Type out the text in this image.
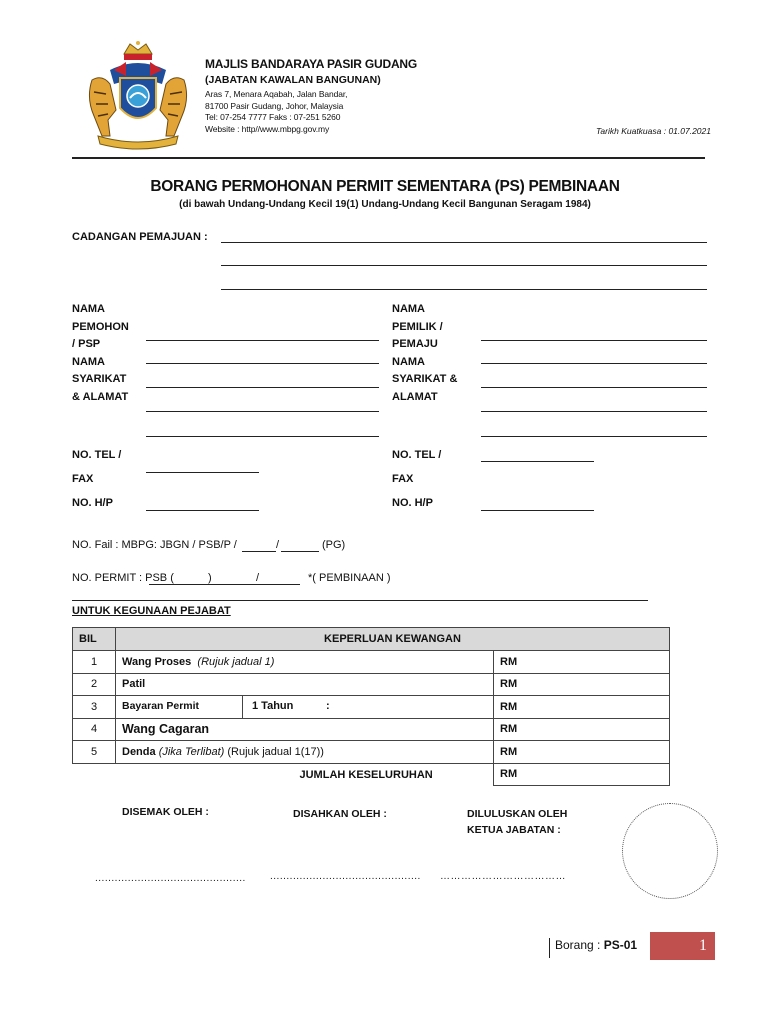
MAJLIS BANDARAYA PASIR GUDANG
(JABATAN KAWALAN BANGUNAN)
Aras 7, Menara Aqabah, Jalan Bandar,
81700 Pasir Gudang, Johor, Malaysia
Tel: 07-254 7777 Faks : 07-251 5260
Website : http//www.mbpg.gov.my	Tarikh Kuatkuasa : 01.07.2021
BORANG PERMOHONAN PERMIT SEMENTARA (PS) PEMBINAAN
(di bawah Undang-Undang Kecil 19(1) Undang-Undang Kecil Bangunan Seragam 1984)
CADANGAN PEMAJUAN :
NAMA
PEMOHON
/ PSP
NAMA
SYARIKAT
& ALAMAT
NAMA
PEMILIK /
PEMAJU
NAMA
SYARIKAT &
ALAMAT
NO. TEL /
FAX
NO. H/P
NO. TEL /
FAX
NO. H/P
NO. Fail : MBPG: JBGN / PSB/P /	/	(PG)
NO. PERMIT : PSB (	)	/	*( PEMBINAAN )
UNTUK KEGUNAAN PEJABAT
BIL	KEPERLUAN KEWANGAN	
1	Wang Proses (Rujuk jadual 1)	RM
2	Patil	RM
3	Bayaran Permit 1 Tahun :	RM
4	Wang Cagaran	RM
5	Denda (Jika Terlibat) (Rujuk jadual 1(17))	RM
	JUMLAH KESELURUHAN	RM
DISEMAK OLEH :	DISAHKAN OLEH :	DILULUSKAN OLEH
KETUA JABATAN :
.............................................. .............................................. ………………………………
Borang : PS-01	1
